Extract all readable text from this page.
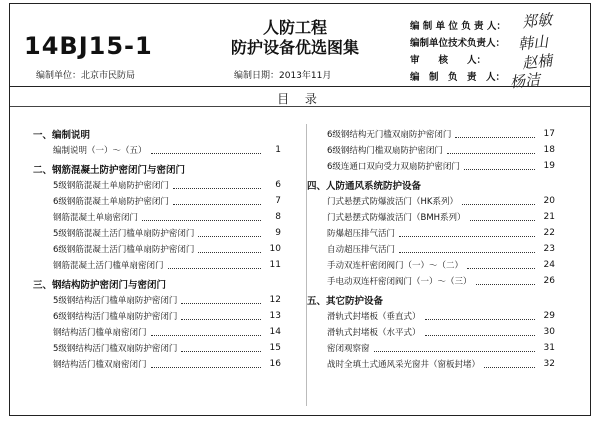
14BJ15-1
人防工程
防护设备优选图集
编制单位：北京市民防局	编制日期：2013年11月
编 制 单 位 负 责 人：
编制单位技术负责人：
审　　核　　人：
编　制　负　责　人：
郑敏
韩山
赵楠
杨洁
目 录
一、编制说明
编制说明（一）～（五）	1
二、钢筋混凝土防护密闭门与密闭门
5级钢筋混凝土单扇防护密闭门	6
6级钢筋混凝土单扇防护密闭门	7
钢筋混凝土单扇密闭门	8
5级钢筋混凝土活门槛单扇防护密闭门	9
6级钢筋混凝土活门槛单扇防护密闭门	10
钢筋混凝土活门槛单扇密闭门	11
三、钢结构防护密闭门与密闭门
5级钢结构活门槛单扇防护密闭门	12
6级钢结构活门槛单扇防护密闭门	13
钢结构活门槛单扇密闭门	14
5级钢结构活门槛双扇防护密闭门	15
钢结构活门槛双扇密闭门	16
6级钢结构无门槛双扇防护密闭门	17
6级钢结构门槛双扇防护密闭门	18
6级连通口双向受力双扇防护密闭门	19
四、人防通风系统防护设备
门式悬摆式防爆波活门（HK系列）	20
门式悬摆式防爆波活门（BMH系列）	21
防爆超压排气活门	22
自动超压排气活门	23
手动双连杆密闭阀门（一）～（二）	24
手电动双连杆密闭阀门（一）～（三）	26
五、其它防护设备
滑轨式封堵板（垂直式）	29
滑轨式封堵板（水平式）	30
密闭观察窗	31
战时全填土式通风采光窗井（窗板封堵）	32
